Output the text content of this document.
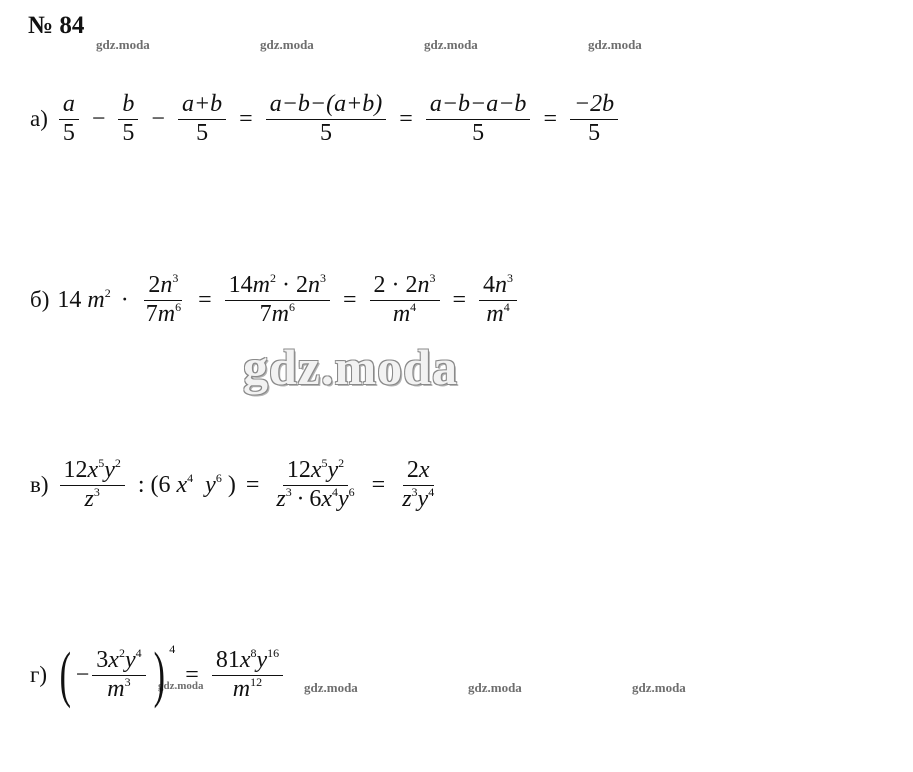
№ 84
gdz.moda	gdz.moda	gdz.moda	gdz.moda
gdz.moda
gdz.moda	gdz.moda	gdz.moda	gdz.moda
$а) \frac{a}{5} - \frac{b}{5} - \frac{a+b}{5} = \frac{a-b-(a+b)}{5} = \frac{a-b-a-b}{5} = \frac{-2b}{5}$
б) 14 $m^2 \cdot \frac{2n^3}{7m^6} = \frac{14m^2 \cdot 2n^3}{7m^6} = \frac{2 \cdot 2n^3}{m^4} = \frac{4n^3}{m^4}$
$в) \frac{12x^5y^2}{z^3}$ : (6 $x^4$ $y^6$ ) = $\frac{12x^5y^2}{z^3 \cdot 6x^4y^6} = \frac{2x}{z^3y^4}$
г) ( − $\frac{3x^2y^4}{m^3}$ ) 4
= $\frac{81x^8y^{16}}{m^{12}}$
